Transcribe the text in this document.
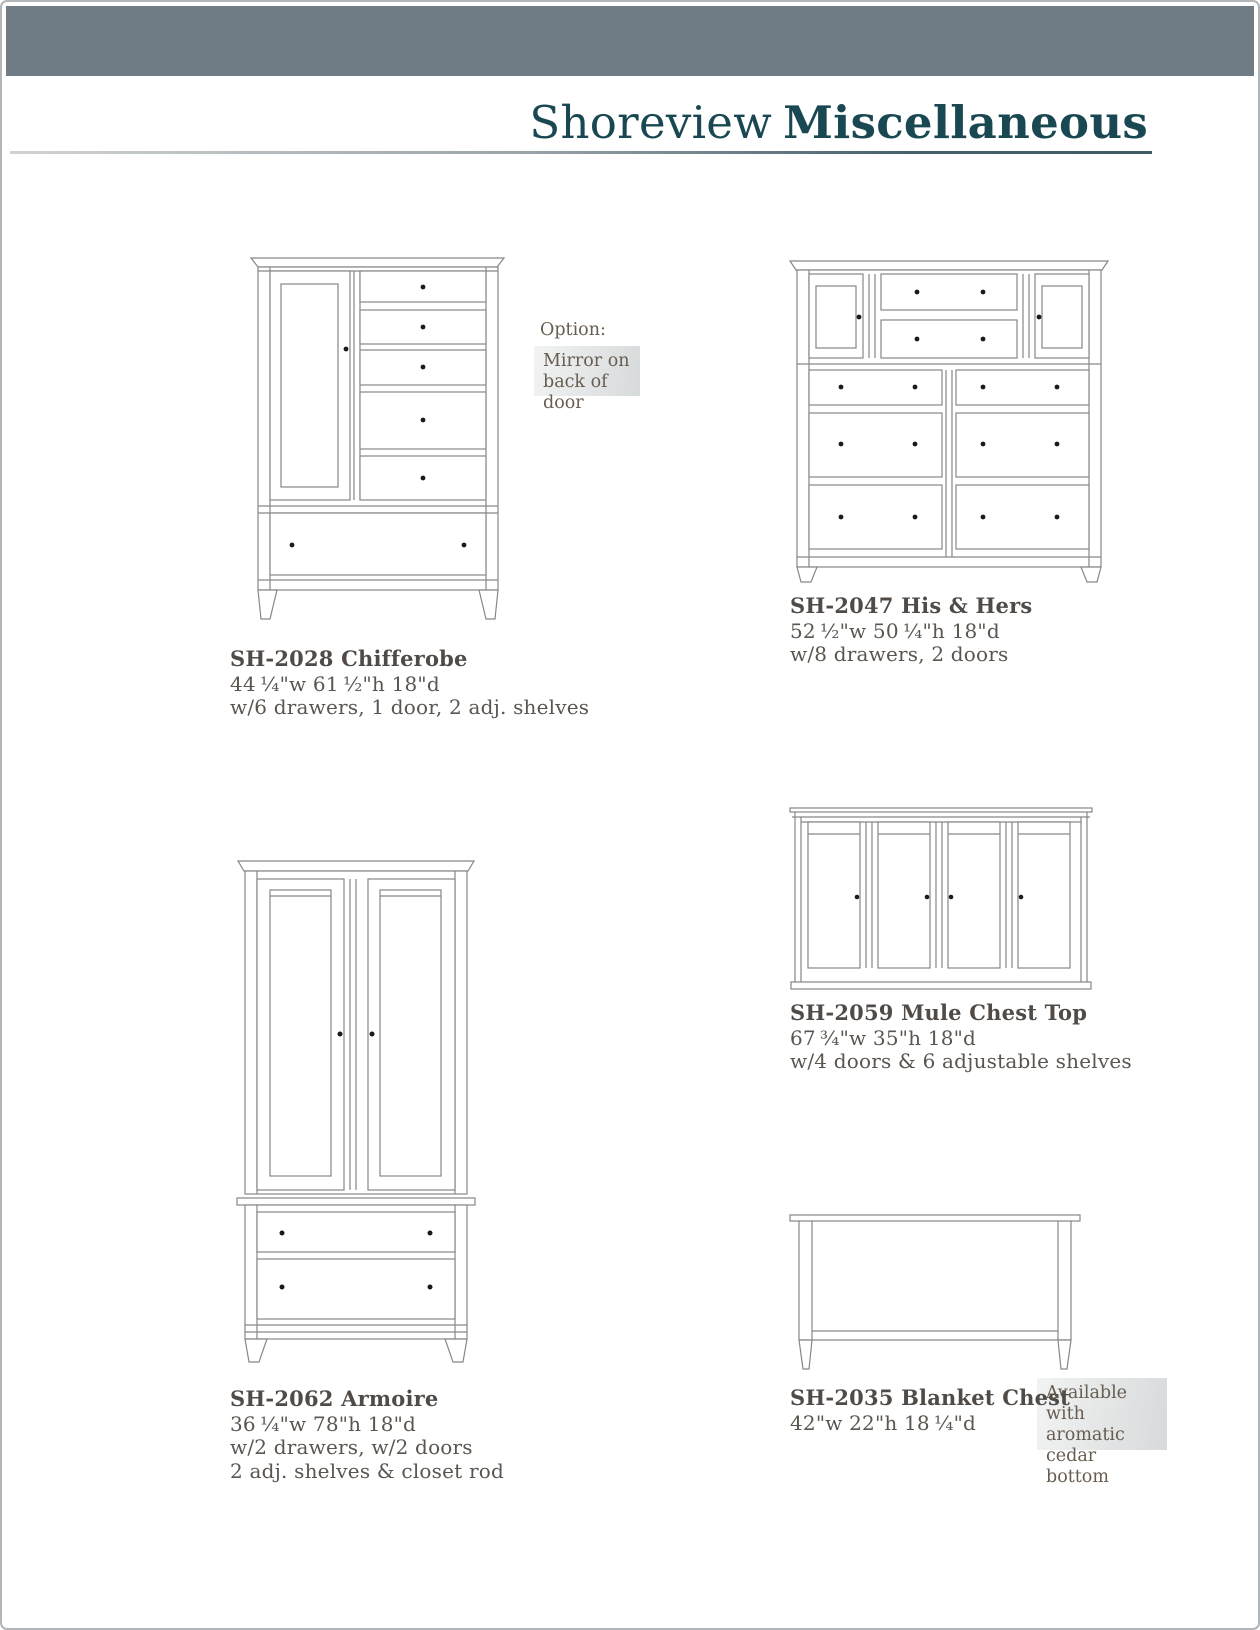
Shoreview Miscellaneous
Option:
Mirror on
back of door
Available
with aromatic
cedar bottom
SH-2028 Chifferobe
44 ¼"w 61 ½"h 18"d
w/6 drawers, 1 door, 2 adj. shelves
SH-2047 His & Hers
52 ½"w 50 ¼"h 18"d
w/8 drawers, 2 doors
SH-2059 Mule Chest Top
67 ¾"w 35"h 18"d
w/4 doors & 6 adjustable shelves
SH-2062 Armoire
36 ¼"w 78"h 18"d
w/2 drawers, w/2 doors
2 adj. shelves & closet rod
SH-2035 Blanket Chest
42"w 22"h 18 ¼"d
